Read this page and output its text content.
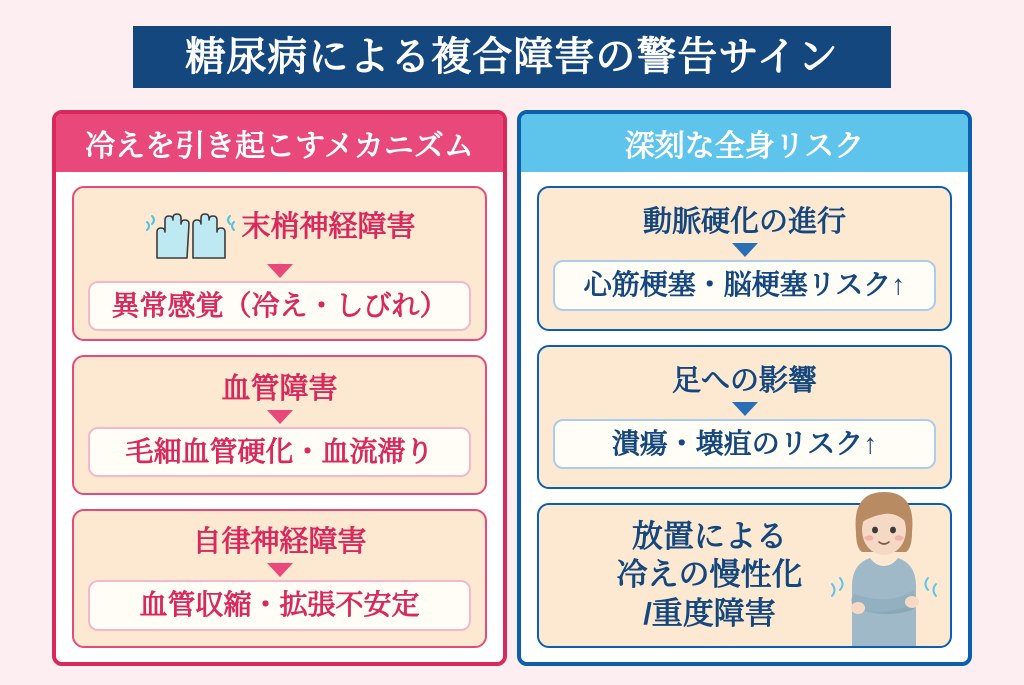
糖尿病による複合障害の警告サイン
冷えを引き起こすメカニズム
末梢神経障害
異常感覚（冷え・しびれ）
血管障害
毛細血管硬化・血流滞り
自律神経障害
血管収縮・拡張不安定
深刻な全身リスク
動脈硬化の進行
心筋梗塞・脳梗塞リスク↑
足への影響
潰瘍・壊疽のリスク↑
放置による
冷えの慢性化
/重度障害
